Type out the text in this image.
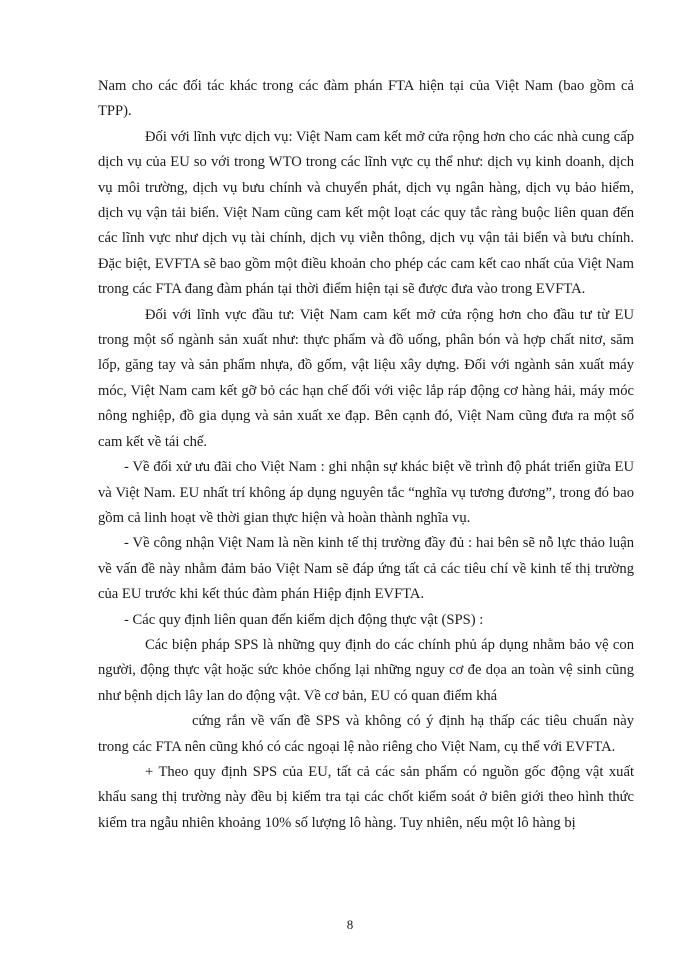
Nam cho các đối tác khác trong các đàm phán FTA hiện tại của Việt Nam (bao gồm cả TPP).

Đối với lĩnh vực dịch vụ: Việt Nam cam kết mở cửa rộng hơn cho các nhà cung cấp dịch vụ của EU so với trong WTO trong các lĩnh vực cụ thể như: dịch vụ kinh doanh, dịch vụ môi trường, dịch vụ bưu chính và chuyển phát, dịch vụ ngân hàng, dịch vụ bảo hiểm, dịch vụ vận tải biển. Việt Nam cũng cam kết một loạt các quy tắc ràng buộc liên quan đến các lĩnh vực như dịch vụ tài chính, dịch vụ viễn thông, dịch vụ vận tải biển và bưu chính. Đặc biệt, EVFTA sẽ bao gồm một điều khoản cho phép các cam kết cao nhất của Việt Nam trong các FTA đang đàm phán tại thời điểm hiện tại sẽ được đưa vào trong EVFTA.

Đối với lĩnh vực đầu tư: Việt Nam cam kết mở cửa rộng hơn cho đầu tư từ EU trong một số ngành sản xuất như: thực phẩm và đồ uống, phân bón và hợp chất nitơ, săm lốp, găng tay và sản phẩm nhựa, đồ gốm, vật liệu xây dựng. Đối với ngành sản xuất máy móc, Việt Nam cam kết gỡ bỏ các hạn chế đối với việc lắp ráp động cơ hàng hải, máy móc nông nghiệp, đồ gia dụng và sản xuất xe đạp. Bên cạnh đó, Việt Nam cũng đưa ra một số cam kết về tái chế.

- Về đối xử ưu đãi cho Việt Nam : ghi nhận sự khác biệt về trình độ phát triển giữa EU và Việt Nam. EU nhất trí không áp dụng nguyên tắc “nghĩa vụ tương đương”, trong đó bao gồm cả linh hoạt về thời gian thực hiện và hoàn thành nghĩa vụ.

- Về công nhận Việt Nam là nền kinh tế thị trường đầy đủ : hai bên sẽ nỗ lực thảo luận về vấn đề này nhằm đảm bảo Việt Nam sẽ đáp ứng tất cả các tiêu chí về kinh tế thị trường của EU trước khi kết thúc đàm phán Hiệp định EVFTA.

- Các quy định liên quan đến kiểm dịch động thực vật (SPS) :

Các biện pháp SPS là những quy định do các chính phủ áp dụng nhằm bảo vệ con người, động thực vật hoặc sức khỏe chống lại những nguy cơ đe dọa an toàn vệ sinh cũng như bệnh dịch lây lan do động vật. Về cơ bản, EU có quan điểm khá

cứng rắn về vấn đề SPS và không có ý định hạ thấp các tiêu chuẩn này trong các FTA nên cũng khó có các ngoại lệ nào riêng cho Việt Nam, cụ thể với EVFTA.

+ Theo quy định SPS của EU, tất cả các sản phẩm có nguồn gốc động vật xuất khẩu sang thị trường này đều bị kiểm tra tại các chốt kiểm soát ở biên giới theo hình thức kiểm tra ngẫu nhiên khoảng 10% số lượng lô hàng. Tuy nhiên, nếu một lô hàng bị

8
